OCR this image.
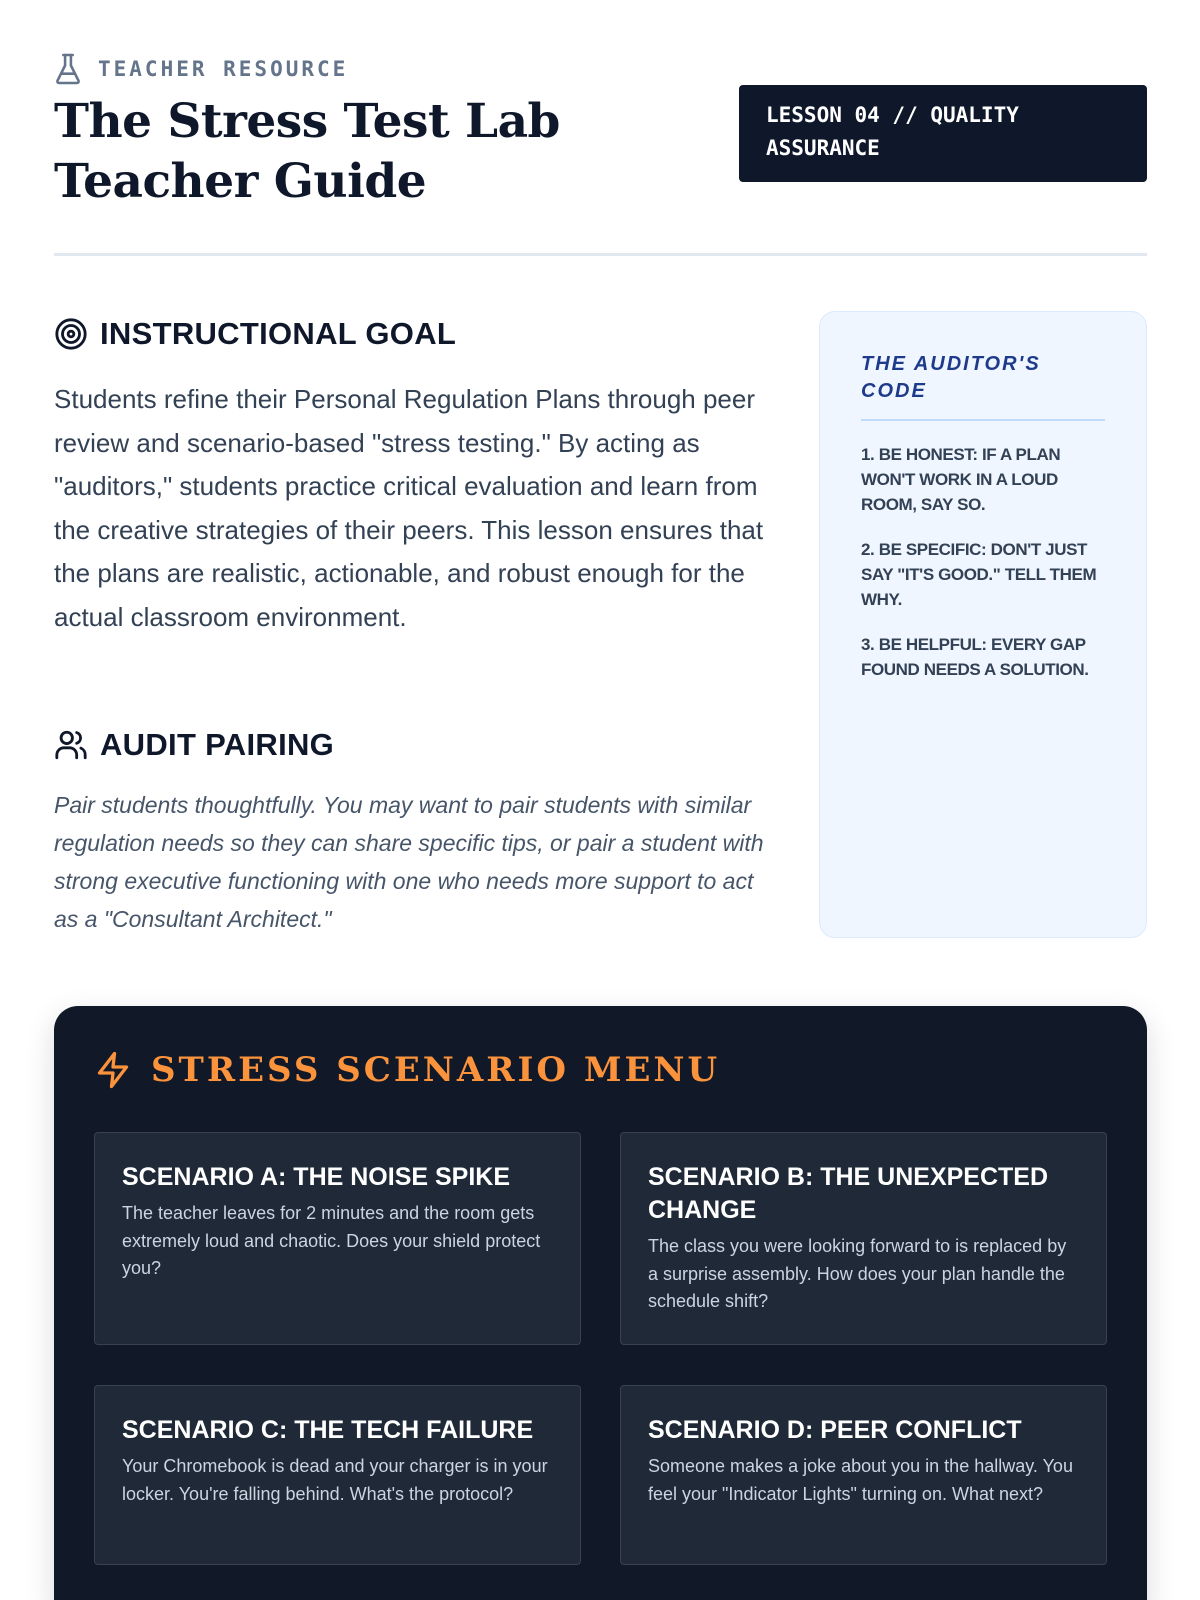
TEACHER RESOURCE
The Stress Test Lab Teacher Guide
LESSON 04 // QUALITY ASSURANCE
INSTRUCTIONAL GOAL

Students refine their Personal Regulation Plans through peer review and scenario-based "stress testing." By acting as "auditors," students practice critical evaluation and learn from the creative strategies of their peers. This lesson ensures that the plans are realistic, actionable, and robust enough for the actual classroom environment.

AUDIT PAIRING

Pair students thoughtfully. You may want to pair students with similar regulation needs so they can share specific tips, or pair a student with strong executive functioning with one who needs more support to act as a "Consultant Architect."

THE AUDITOR'S CODE
1. BE HONEST: IF A PLAN WON'T WORK IN A LOUD ROOM, SAY SO.
2. BE SPECIFIC: DON'T JUST SAY "IT'S GOOD." TELL THEM WHY.
3. BE HELPFUL: EVERY GAP FOUND NEEDS A SOLUTION.
STRESS SCENARIO MENU
SCENARIO A: THE NOISE SPIKE

The teacher leaves for 2 minutes and the room gets extremely loud and chaotic. Does your shield protect you?

SCENARIO B: THE UNEXPECTED CHANGE

The class you were looking forward to is replaced by a surprise assembly. How does your plan handle the schedule shift?

SCENARIO C: THE TECH FAILURE

Your Chromebook is dead and your charger is in your locker. You're falling behind. What's the protocol?

SCENARIO D: PEER CONFLICT

Someone makes a joke about you in the hallway. You feel your "Indicator Lights" turning on. What next?
